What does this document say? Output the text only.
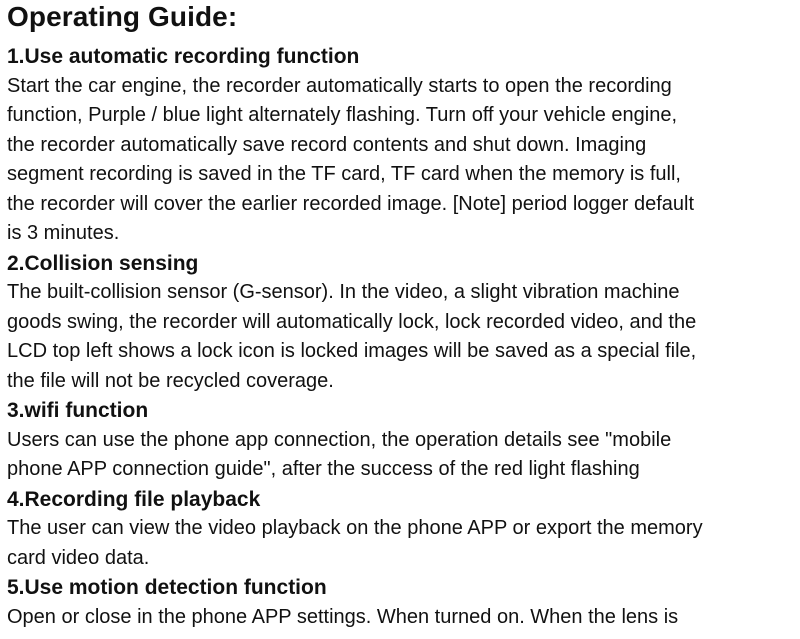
Operating Guide:
1.Use automatic recording function

Start the car engine, the recorder automatically starts to open the recording
function, Purple / blue light alternately flashing. Turn off your vehicle engine,
the recorder automatically save record contents and shut down. Imaging
segment recording is saved in the TF card, TF card when the memory is full,
the recorder will cover the earlier recorded image. [Note] period logger default
is 3 minutes.

2.Collision sensing

The built-collision sensor (G-sensor). In the video, a slight vibration machine
goods swing, the recorder will automatically lock, lock recorded video, and the
LCD top left shows a lock icon is locked images will be saved as a special file,
the file will not be recycled coverage.

3.wifi function

Users can use the phone app connection, the operation details see "mobile
phone APP connection guide", after the success of the red light flashing

4.Recording file playback

The user can view the video playback on the phone APP or export the memory
card video data.

5.Use motion detection function

Open or close in the phone APP settings. When turned on. When the lens is
